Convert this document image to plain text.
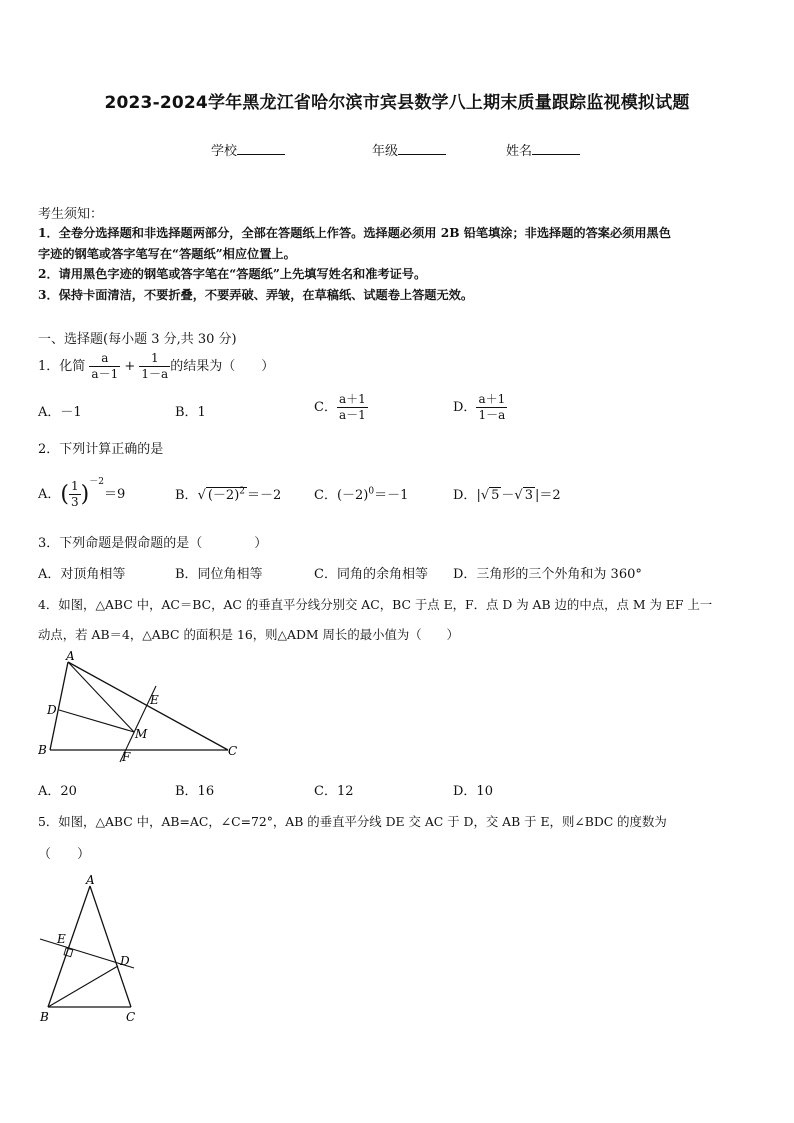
2023-2024学年黑龙江省哈尔滨市宾县数学八上期末质量跟踪监视模拟试题
学校	年级	姓名
考生须知：
1．全卷分选择题和非选择题两部分，全部在答题纸上作答。选择题必须用 2B 铅笔填涂；非选择题的答案必须用黑色
字迹的钢笔或答字笔写在“答题纸”相应位置上。
2．请用黑色字迹的钢笔或答字笔在“答题纸”上先填写姓名和准考证号。
3．保持卡面清洁，不要折叠，不要弄破、弄皱，在草稿纸、试题卷上答题无效。
一、选择题(每小题 3 分,共 30 分)
1．化简 $\frac{a}{a-1} + \frac{1}{1-a}$ 的结果为（　　）
A．－1	B．1	C． $\frac{a+1}{a-1}$	D． $\frac{a+1}{1-a}$
2．下列计算正确的是
A．( $\frac{1}{3} )^{-2}=9$	B．√ $(-2)^2 =-2$	C．$(-2)^0=-1$	D．|√ 5 －√ 3 |＝2
3．下列命题是假命题的是（　　　　）
A．对顶角相等	B．同位角相等	C．同角的余角相等 D．三角形的三个外角和为 360°
4．如图，△ABC 中，AC＝BC，AC 的垂直平分线分别交 AC，BC 于点 E，F．点 D 为 AB 边的中点，点 M 为 EF 上一
动点，若 AB＝4，△ABC 的面积是 16，则△ADM 周长的最小值为（　　）
A
B	C
D
E
F
M
A．20	B．16	C．12	D．10
5．如图，△ABC 中，AB=AC，∠C=72°，AB 的垂直平分线 DE 交 AC 于 D，交 AB 于 E，则∠BDC 的度数为
（　　）
A
B	C
D
E
